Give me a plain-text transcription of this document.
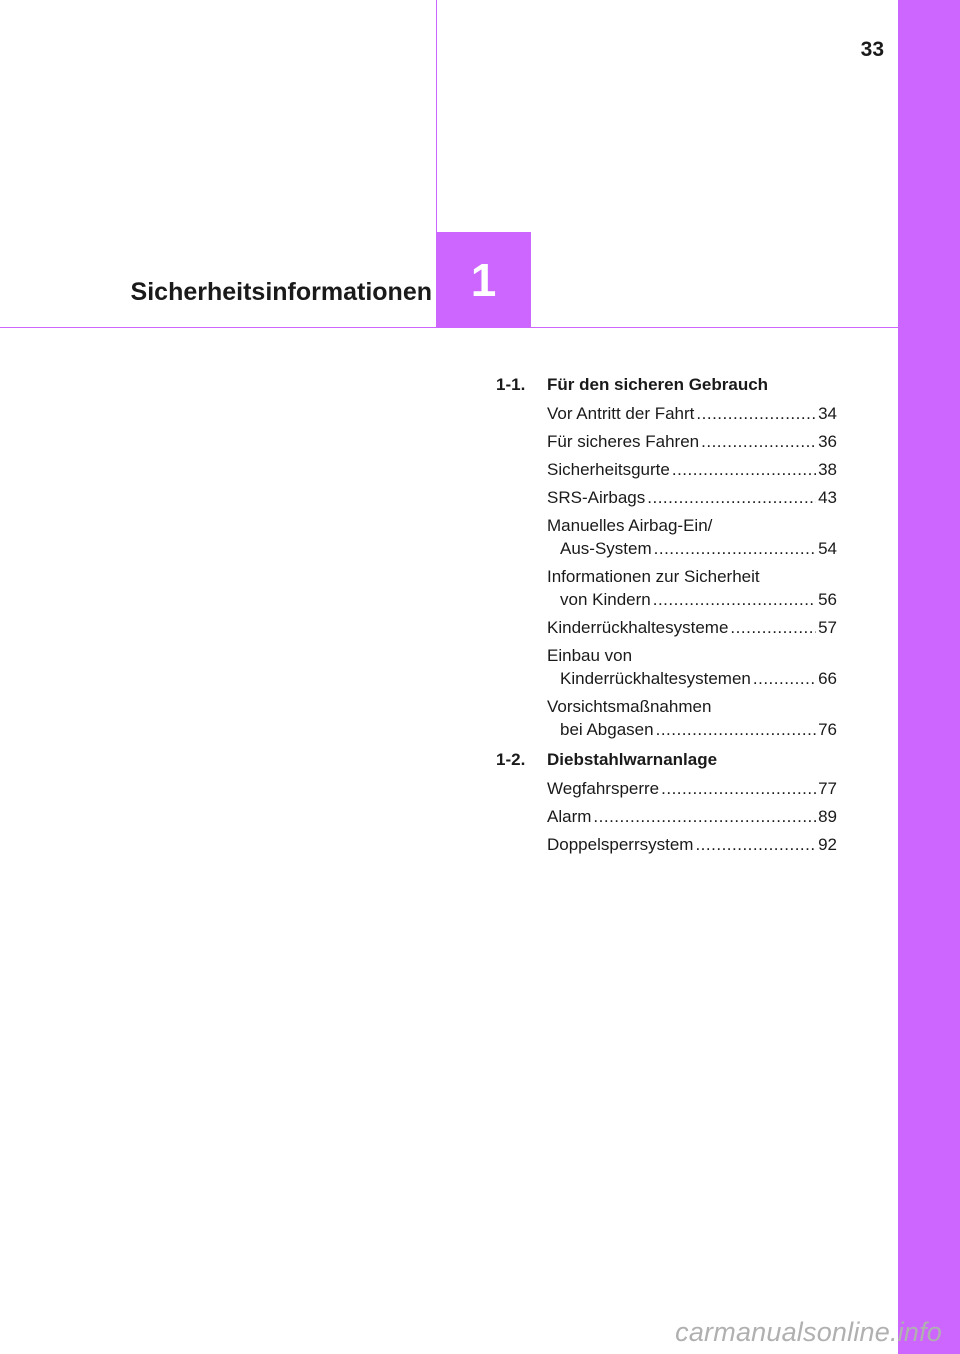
33
Sicherheitsinformationen 1
1-1.	Für den sicheren Gebrauch
Vor Antritt der Fahrt .....	34
Für sicheres Fahren .....	36
Sicherheitsgurte .....	38
SRS-Airbags .....	43
Manuelles Airbag-Ein/
Aus-System .....	54
Informationen zur Sicherheit
von Kindern .....	56
Kinderrückhaltesysteme .....	57
Einbau von
Kinderrückhaltesystemen .....	66
Vorsichtsmaßnahmen
bei Abgasen .....	76
1-2.	Diebstahlwarnanlage
Wegfahrsperre .....	77
Alarm .....	89
Doppelsperrsystem .....	92
carmanualsonline.info
